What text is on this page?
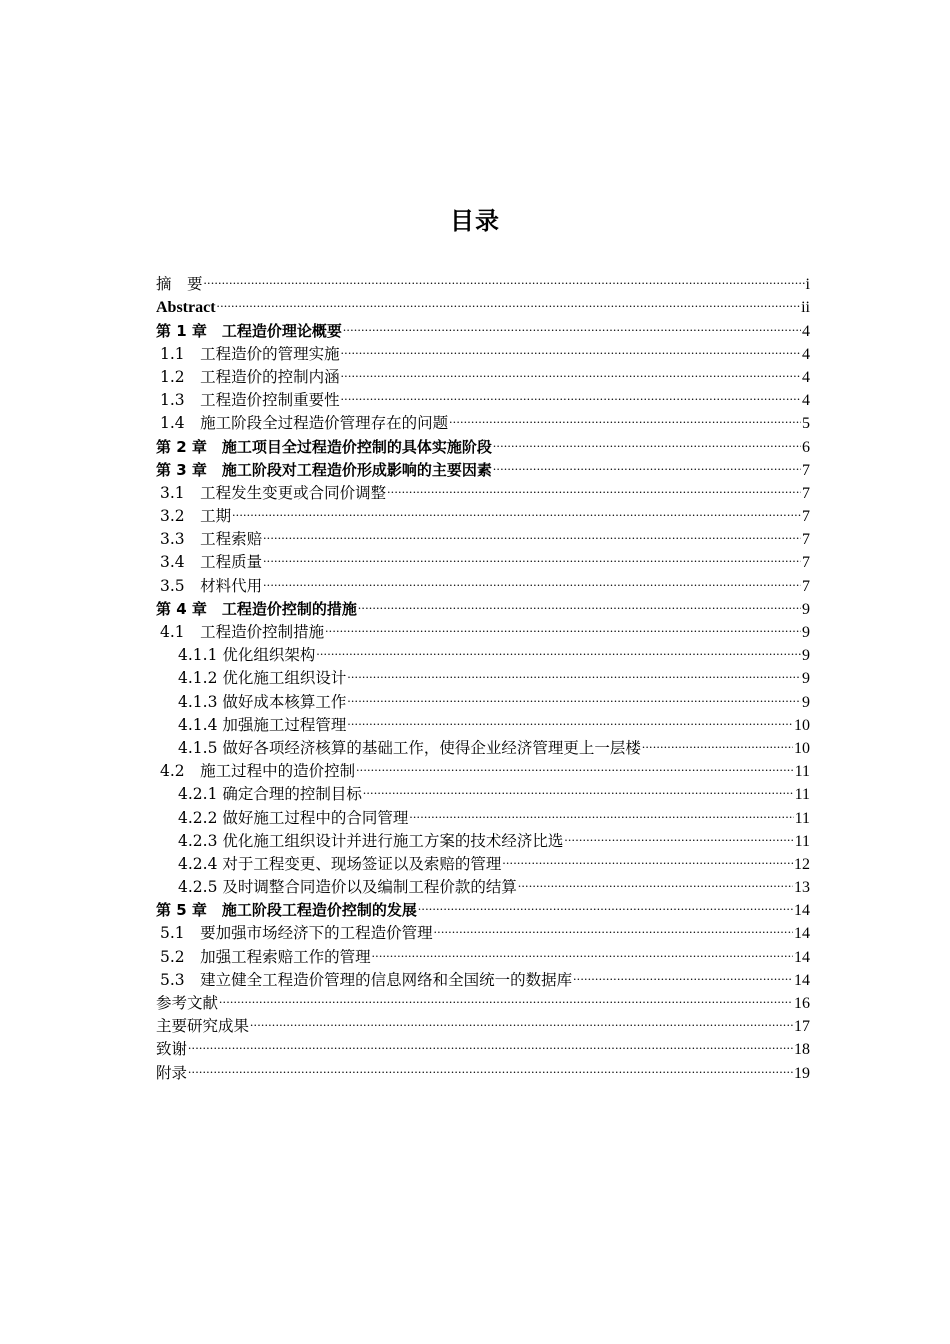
目录
摘　要 .....	i
Abstract .....	ii
第 1 章　工程造价理论概要 .....	4
1.1　工程造价的管理实施 .....	4
1.2　工程造价的控制内涵 .....	4
1.3　工程造价控制重要性 .....	4
1.4　施工阶段全过程造价管理存在的问题 .....	5
第 2 章　施工项目全过程造价控制的具体实施阶段 .....	6
第 3 章　施工阶段对工程造价形成影响的主要因素 .....	7
3.1　工程发生变更或合同价调整 .....	7
3.2　工期 .....	7
3.3　工程索赔 .....	7
3.4　工程质量 .....	7
3.5　材料代用 .....	7
第 4 章　工程造价控制的措施 .....	9
4.1　工程造价控制措施 .....	9
4.1.1 优化组织架构 .....	9
4.1.2 优化施工组织设计 .....	9
4.1.3 做好成本核算工作 .....	9
4.1.4 加强施工过程管理 .....	10
4.1.5 做好各项经济核算的基础工作，使得企业经济管理更上一层楼 .....	10
4.2　施工过程中的造价控制 .....	11
4.2.1 确定合理的控制目标 .....	11
4.2.2 做好施工过程中的合同管理 .....	11
4.2.3 优化施工组织设计并进行施工方案的技术经济比选 .....	11
4.2.4 对于工程变更、现场签证以及索赔的管理 .....	12
4.2.5 及时调整合同造价以及编制工程价款的结算 .....	13
第 5 章　施工阶段工程造价控制的发展 .....	14
5.1　要加强市场经济下的工程造价管理 .....	14
5.2　加强工程索赔工作的管理 .....	14
5.3　建立健全工程造价管理的信息网络和全国统一的数据库 .....	14
参考文献 .....	16
主要研究成果 .....	17
致谢 .....	18
附录 .....	19
